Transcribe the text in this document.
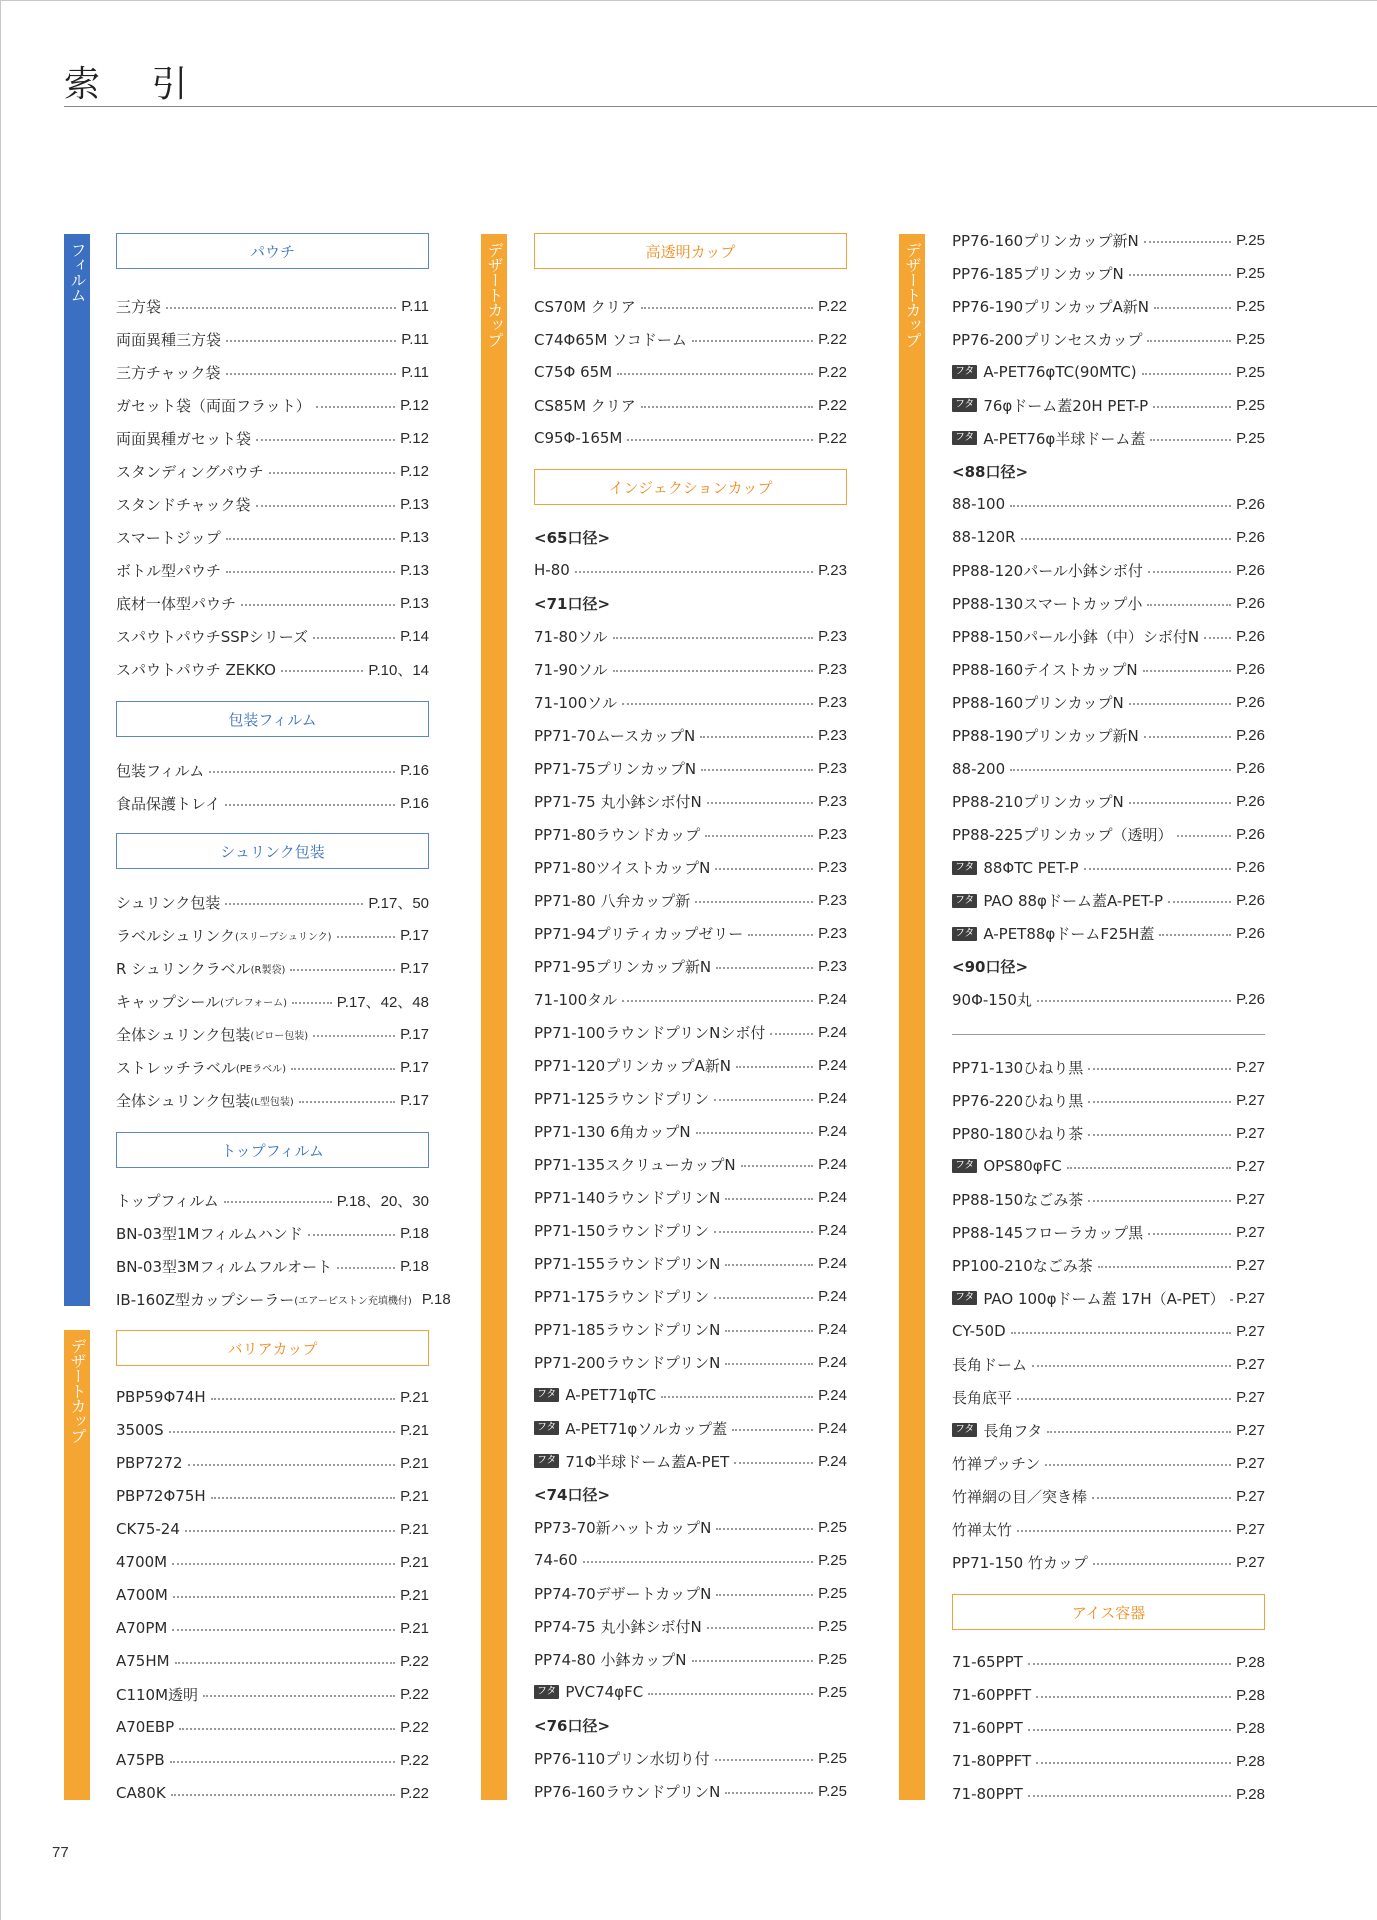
索 引
フィルム
デザートカップ
デザートカップ	デザートカップ
パウチ
三方袋	P.11
両面異種三方袋	P.11
三方チャック袋	P.11
ガセット袋（両面フラット）	P.12
両面異種ガセット袋	P.12
スタンディングパウチ	P.12
スタンドチャック袋	P.13
スマートジップ	P.13
ボトル型パウチ	P.13
底材一体型パウチ	P.13
スパウトパウチSSPシリーズ	P.14
スパウトパウチ ZEKKO	P.10、14
包装フィルム
包装フィルム	P.16
食品保護トレイ	P.16
シュリンク包装
シュリンク包装	P.17、50
ラベルシュリンク (スリーブシュリンク)	P.17
R シュリンクラベル (R製袋)	P.17
キャップシール (プレフォーム)	P.17、42、48
全体シュリンク包装 (ピロー包装)	P.17
ストレッチラベル (PEラベル)	P.17
全体シュリンク包装 (L型包装)	P.17
トップフィルム
トップフィルム	P.18、20、30
BN-03型1Mフィルムハンド	P.18
BN-03型3Mフィルムフルオート	P.18
IB-160Z型カップシーラー (エアーピストン充填機付) P.18
バリアカップ
PBP59Φ74H	P.21
3500S	P.21
PBP7272	P.21
PBP72Φ75H	P.21
CK75-24	P.21
4700M	P.21
A700M	P.21
A70PM	P.21
A75HM	P.22
C110M透明	P.22
A70EBP	P.22
A75PB	P.22
CA80K	P.22
高透明カップ
CS70M クリア	P.22
C74Φ65M ソコドーム	P.22
C75Φ 65M	P.22
CS85M クリア	P.22
C95Φ-165M	P.22
インジェクションカップ
<65口径>
H-80	P.23
<71口径>
71-80ソル	P.23
71-90ソル	P.23
71-100ソル	P.23
PP71-70ムースカップN	P.23
PP71-75プリンカップN	P.23
PP71-75 丸小鉢シボ付N	P.23
PP71-80ラウンドカップ	P.23
PP71-80ツイストカップN	P.23
PP71-80 八弁カップ新	P.23
PP71-94プリティカップゼリー	P.23
PP71-95プリンカップ新N	P.23
71-100タル	P.24
PP71-100ラウンドプリンNシボ付	P.24
PP71-120プリンカップA新N	P.24
PP71-125ラウンドプリン	P.24
PP71-130 6角カップN	P.24
PP71-135スクリューカップN	P.24
PP71-140ラウンドプリンN	P.24
PP71-150ラウンドプリン	P.24
PP71-155ラウンドプリンN	P.24
PP71-175ラウンドプリン	P.24
PP71-185ラウンドプリンN	P.24
PP71-200ラウンドプリンN	P.24
フタ A-PET71φTC	P.24
フタ A-PET71φソルカップ蓋	P.24
フタ 71Φ半球ドーム蓋A-PET	P.24
<74口径>
PP73-70新ハットカップN	P.25
74-60	P.25
PP74-70デザートカップN	P.25
PP74-75 丸小鉢シボ付N	P.25
PP74-80 小鉢カップN	P.25
フタ PVC74φFC	P.25
<76口径>
PP76-110プリン水切り付	P.25
PP76-160ラウンドプリンN	P.25
PP76-160プリンカップ新N	P.25
PP76-185プリンカップN	P.25
PP76-190プリンカップA新N	P.25
PP76-200プリンセスカップ	P.25
フタ A-PET76φTC(90MTC)	P.25
フタ 76φドーム蓋20H PET-P	P.25
フタ A-PET76φ半球ドーム蓋	P.25
<88口径>
88-100	P.26
88-120R	P.26
PP88-120パール小鉢シボ付	P.26
PP88-130スマートカップ小	P.26
PP88-150パール小鉢（中）シボ付N P.26
PP88-160テイストカップN	P.26
PP88-160プリンカップN	P.26
PP88-190プリンカップ新N	P.26
88-200	P.26
PP88-210プリンカップN	P.26
PP88-225プリンカップ（透明）	P.26
フタ 88ΦTC PET-P	P.26
フタ PAO 88φドーム蓋A-PET-P	P.26
フタ A-PET88φドームF25H蓋	P.26
<90口径>
90Φ-150丸	P.26
PP71-130ひねり黒	P.27
PP76-220ひねり黒	P.27
PP80-180ひねり茶	P.27
フタ OPS80φFC	P.27
PP88-150なごみ茶	P.27
PP88-145フローラカップ黒	P.27
PP100-210なごみ茶	P.27
フタ PAO 100φドーム蓋 17H（A-PET） P.27
CY-50D	P.27
長角ドーム	P.27
長角底平	P.27
フタ 長角フタ	P.27
竹禅プッチン	P.27
竹禅網の目／突き棒	P.27
竹禅太竹	P.27
PP71-150 竹カップ	P.27
アイス容器
71-65PPT	P.28
71-60PPFT	P.28
71-60PPT	P.28
71-80PPFT	P.28
71-80PPT	P.28
77
